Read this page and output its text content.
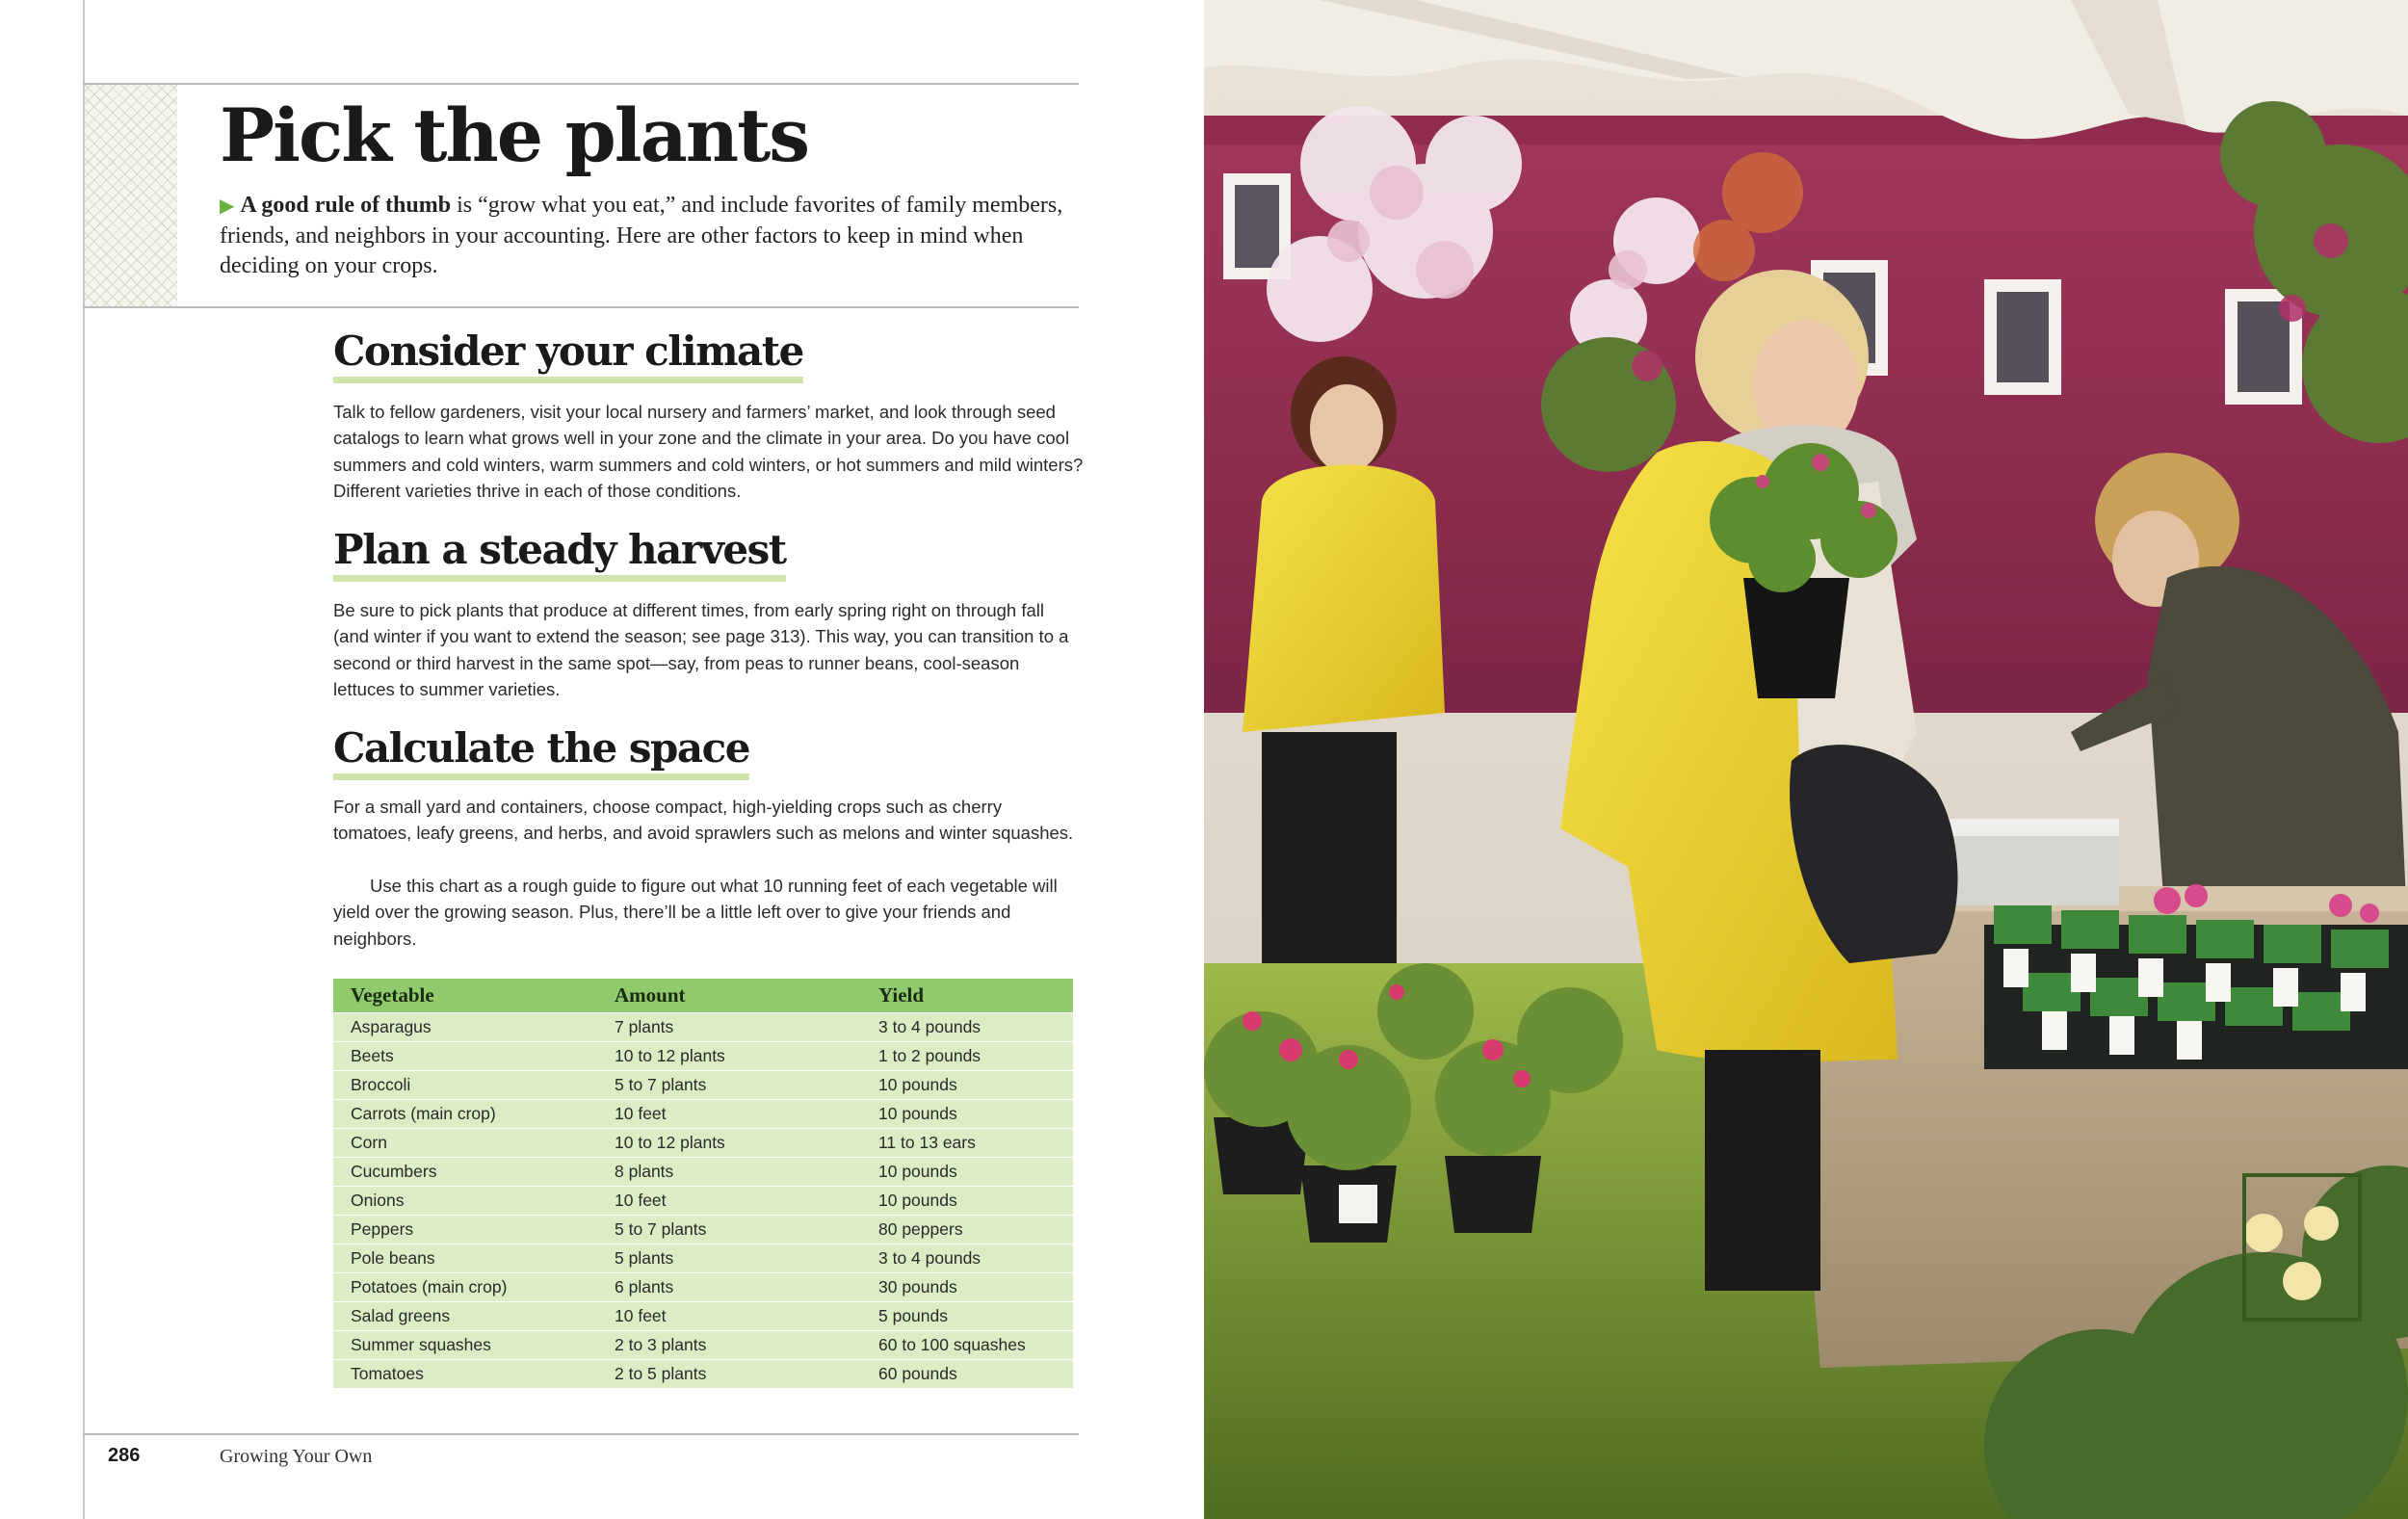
Pick the plants

▶ A good rule of thumb is “grow what you eat,” and include favorites of family members, friends, and neighbors in your accounting. Here are other factors to keep in mind when deciding on your crops.

Consider your climate

Talk to fellow gardeners, visit your local nursery and farmers’ market, and look through seed catalogs to learn what grows well in your zone and the climate in your area. Do you have cool summers and cold winters, warm summers and cold winters, or hot summers and mild winters? Different varieties thrive in each of those conditions.

Plan a steady harvest

Be sure to pick plants that produce at different times, from early spring right on through fall (and winter if you want to extend the season; see page 313). This way, you can transition to a second or third harvest in the same spot—say, from peas to runner beans, cool-season lettuces to summer varieties.

Calculate the space

For a small yard and containers, choose compact, high-yielding crops such as cherry tomatoes, leafy greens, and herbs, and avoid sprawlers such as melons and winter squashes.

Use this chart as a rough guide to figure out what 10 running feet of each vegetable will yield over the growing season. Plus, there’ll be a little left over to give your friends and neighbors.

Vegetable	Amount	Yield
Asparagus	7 plants	3 to 4 pounds
Beets	10 to 12 plants	1 to 2 pounds
Broccoli	5 to 7 plants	10 pounds
Carrots (main crop)	10 feet	10 pounds
Corn	10 to 12 plants	11 to 13 ears
Cucumbers	8 plants	10 pounds
Onions	10 feet	10 pounds
Peppers	5 to 7 plants	80 peppers
Pole beans	5 plants	3 to 4 pounds
Potatoes (main crop)	6 plants	30 pounds
Salad greens	10 feet	5 pounds
Summer squashes	2 to 3 plants	60 to 100 squashes
Tomatoes	2 to 5 plants	60 pounds
286	Growing Your Own
